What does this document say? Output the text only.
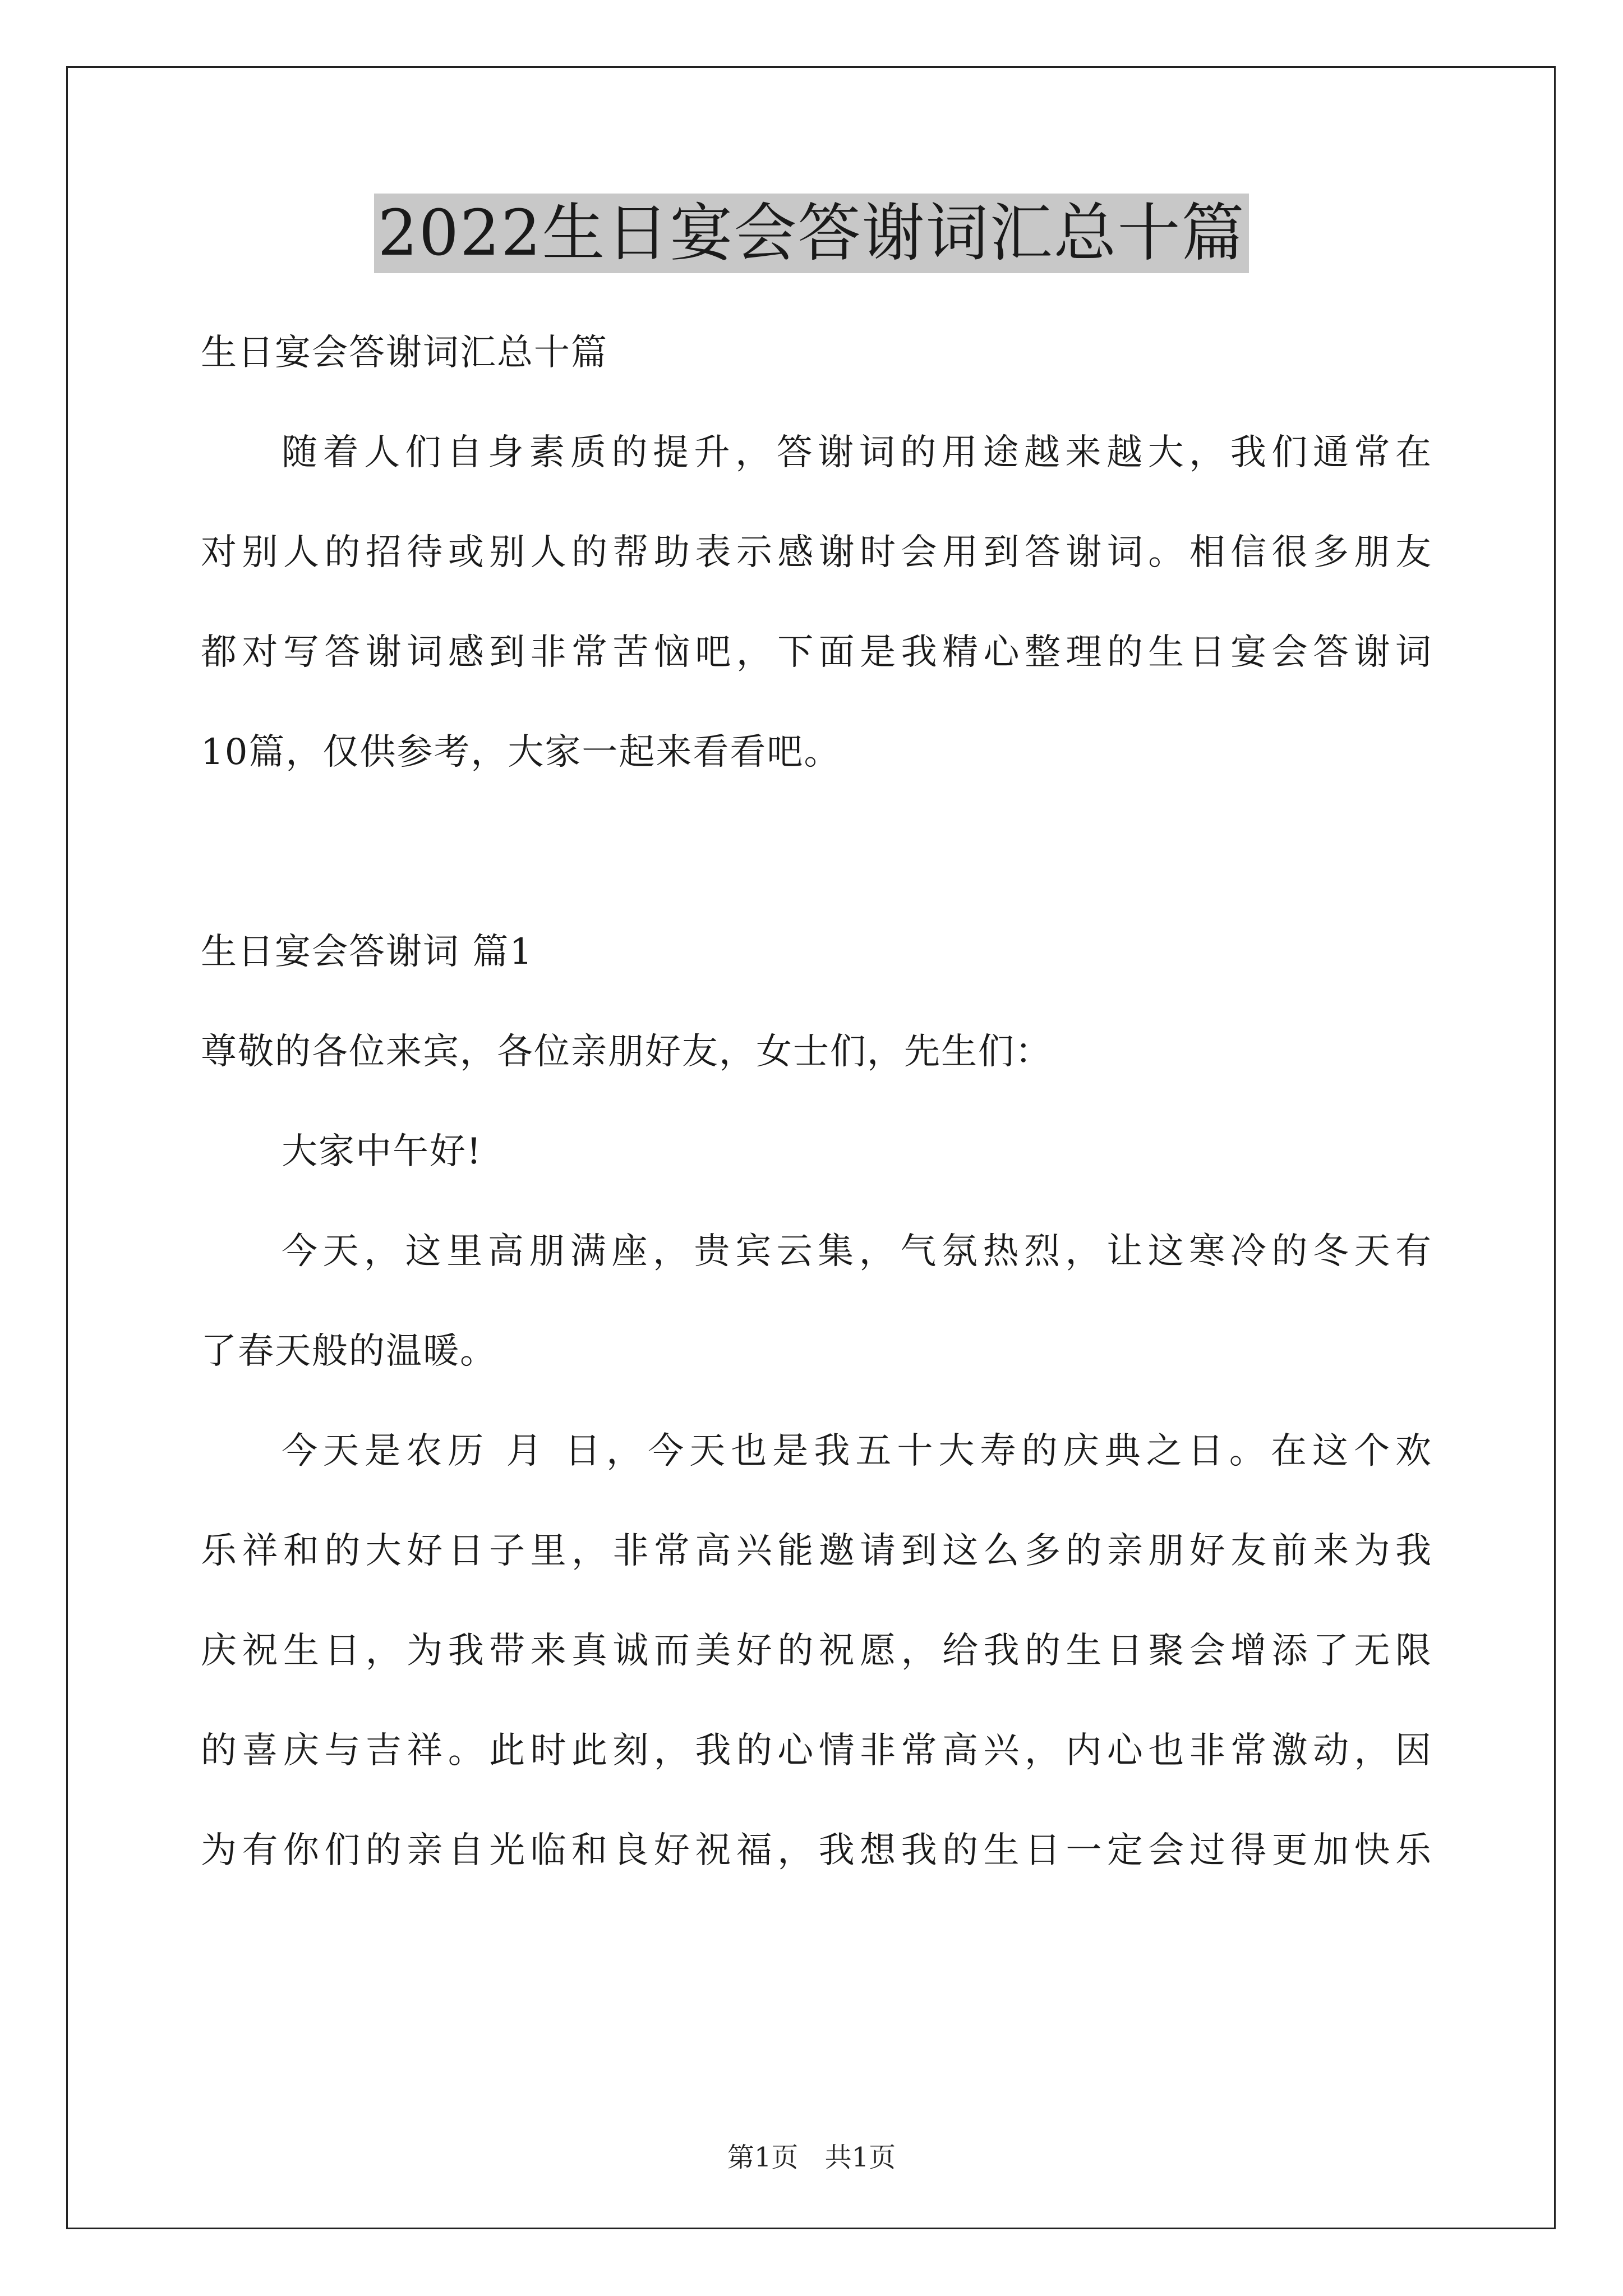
2022生日宴会答谢词汇总十篇
生日宴会答谢词汇总十篇
随着人们自身素质的提升，答谢词的用途越来越大，我们通常在
对别人的招待或别人的帮助表示感谢时会用到答谢词。相信很多朋友
都对写答谢词感到非常苦恼吧，下面是我精心整理的生日宴会答谢词
10篇，仅供参考，大家一起来看看吧。
生日宴会答谢词 篇1
尊敬的各位来宾，各位亲朋好友，女士们，先生们：
大家中午好!
今天，这里高朋满座，贵宾云集，气氛热烈，让这寒冷的冬天有
了春天般的温暖。
今天是农历 月 日，今天也是我五十大寿的庆典之日。在这个欢
乐祥和的大好日子里，非常高兴能邀请到这么多的亲朋好友前来为我
庆祝生日，为我带来真诚而美好的祝愿，给我的生日聚会增添了无限
的喜庆与吉祥。此时此刻，我的心情非常高兴，内心也非常激动，因
为有你们的亲自光临和良好祝福，我想我的生日一定会过得更加快乐
第1页 共1页
